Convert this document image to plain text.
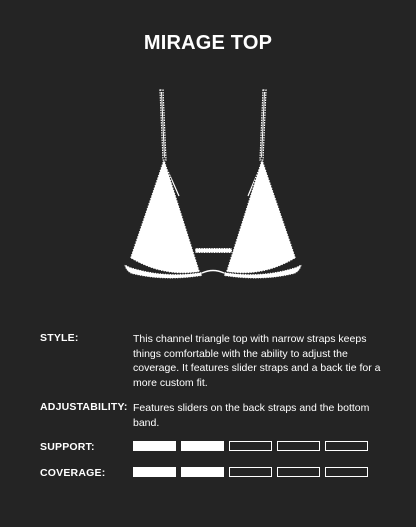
MIRAGE TOP
STYLE:	This channel triangle top with narrow straps keeps things comfortable with the ability to adjust the coverage. It features slider straps and a back tie for a more custom fit.
ADJUSTABILITY: Features sliders on the back straps and the bottom band.
SUPPORT:
COVERAGE:
